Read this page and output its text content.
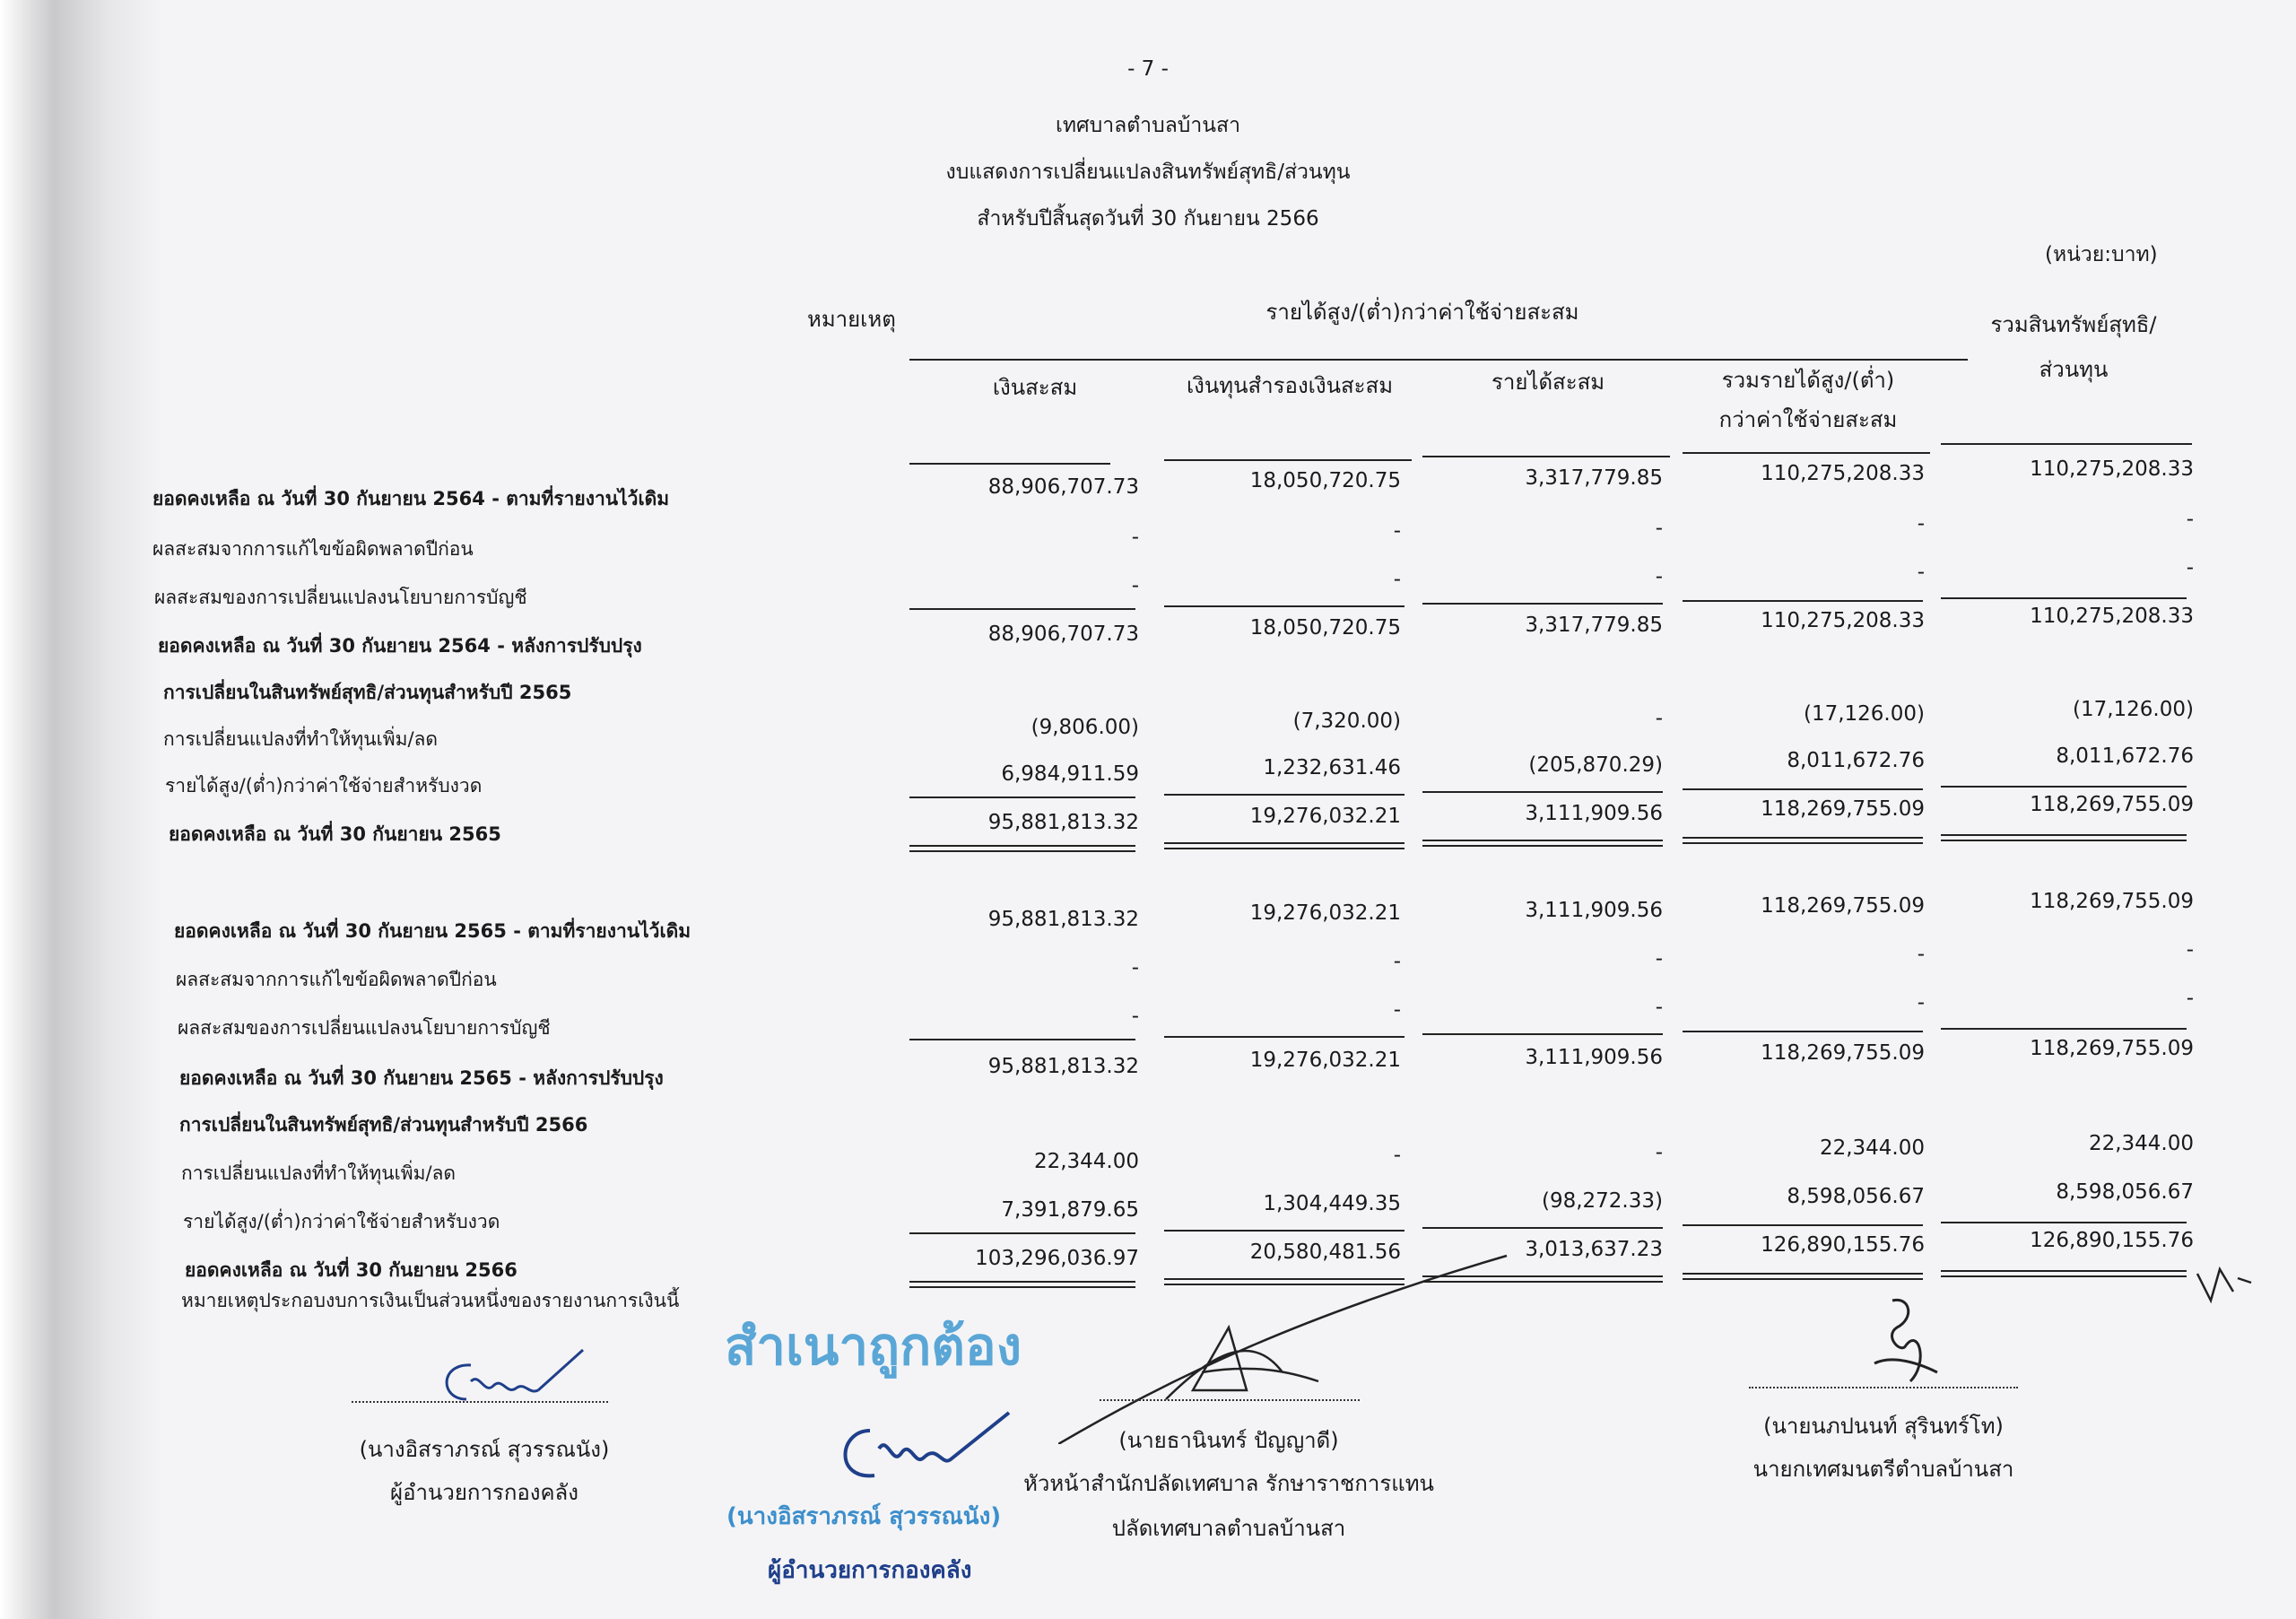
- 7 -
เทศบาลตำบลบ้านสา
งบแสดงการเปลี่ยนแปลงสินทรัพย์สุทธิ/ส่วนทุน
สำหรับปีสิ้นสุดวันที่ 30 กันยายน 2566
(หน่วย:บาท)
หมายเหตุ	รายได้สูง/(ต่ำ)กว่าค่าใช้จ่ายสะสม	รวมสินทรัพย์สุทธิ/
ส่วนทุน
เงินสะสม	เงินทุนสำรองเงินสะสม	รายได้สะสม	รวมรายได้สูง/(ต่ำ)
กว่าค่าใช้จ่ายสะสม
ยอดคงเหลือ ณ วันที่ 30 กันยายน 2564 - ตามที่รายงานไว้เดิม	88,906,707.73	18,050,720.75	3,317,779.85	110,275,208.33	110,275,208.33
ผลสะสมจากการแก้ไขข้อผิดพลาดปีก่อน	-	-	-	-	-
ผลสะสมของการเปลี่ยนแปลงนโยบายการบัญชี	-	-	-	-	-
ยอดคงเหลือ ณ วันที่ 30 กันยายน 2564 - หลังการปรับปรุง	88,906,707.73	18,050,720.75	3,317,779.85	110,275,208.33	110,275,208.33
การเปลี่ยนในสินทรัพย์สุทธิ/ส่วนทุนสำหรับปี 2565
การเปลี่ยนแปลงที่ทำให้ทุนเพิ่ม/ลด	(9,806.00)	(7,320.00)	-	(17,126.00)	(17,126.00)
รายได้สูง/(ต่ำ)กว่าค่าใช้จ่ายสำหรับงวด	6,984,911.59	1,232,631.46	(205,870.29)	8,011,672.76	8,011,672.76
ยอดคงเหลือ ณ วันที่ 30 กันยายน 2565	95,881,813.32	19,276,032.21	3,111,909.56	118,269,755.09	118,269,755.09
ยอดคงเหลือ ณ วันที่ 30 กันยายน 2565 - ตามที่รายงานไว้เดิม	95,881,813.32	19,276,032.21	3,111,909.56	118,269,755.09	118,269,755.09
ผลสะสมจากการแก้ไขข้อผิดพลาดปีก่อน	-	-	-	-	-
ผลสะสมของการเปลี่ยนแปลงนโยบายการบัญชี	-	-	-	-	-
ยอดคงเหลือ ณ วันที่ 30 กันยายน 2565 - หลังการปรับปรุง	95,881,813.32	19,276,032.21	3,111,909.56	118,269,755.09	118,269,755.09
การเปลี่ยนในสินทรัพย์สุทธิ/ส่วนทุนสำหรับปี 2566
การเปลี่ยนแปลงที่ทำให้ทุนเพิ่ม/ลด	22,344.00	-	-	22,344.00	22,344.00
รายได้สูง/(ต่ำ)กว่าค่าใช้จ่ายสำหรับงวด	7,391,879.65	1,304,449.35	(98,272.33)	8,598,056.67	8,598,056.67
ยอดคงเหลือ ณ วันที่ 30 กันยายน 2566	103,296,036.97	20,580,481.56	3,013,637.23	126,890,155.76	126,890,155.76
หมายเหตุประกอบงบการเงินเป็นส่วนหนึ่งของรายงานการเงินนี้
สำเนาถูกต้อง
(นางอิสราภรณ์ สุวรรณนัง)
ผู้อำนวยการกองคลัง
(นางอิสราภรณ์ สุวรรณนัง)
ผู้อำนวยการกองคลัง
(นายธานินทร์ ปัญญาดี)
หัวหน้าสำนักปลัดเทศบาล รักษาราชการแทน
ปลัดเทศบาลตำบลบ้านสา
(นายนภปนนท์ สุรินทร์โท)
นายกเทศมนตรีตำบลบ้านสา
